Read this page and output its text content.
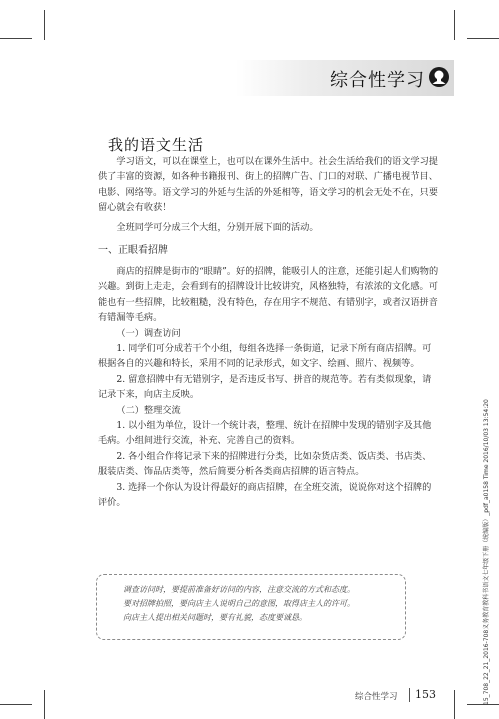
综合性学习
我的语文生活

学习语文，可以在课堂上，也可以在课外生活中。社会生活给我们的语文学习提供了丰富的资源，如各种书籍报刊、街上的招牌广告、门口的对联、广播电视节目、电影、网络等。语文学习的外延与生活的外延相等，语文学习的机会无处不在，只要留心就会有收获！

全班同学可分成三个大组，分别开展下面的活动。

一、正眼看招牌

商店的招牌是街市的“眼睛”。好的招牌，能吸引人的注意，还能引起人们购物的兴趣。到街上走走，会看到有的招牌设计比较讲究，风格独特，有浓浓的文化感。可能也有一些招牌，比较粗糙，没有特色，存在用字不规范、有错别字，或者汉语拼音有错漏等毛病。

（一）调查访问

1. 同学们可分成若干个小组，每组各选择一条街道，记录下所有商店招牌。可根据各自的兴趣和特长，采用不同的记录形式，如文字、绘画、照片、视频等。

2. 留意招牌中有无错别字，是否违反书写、拼音的规范等。若有类似现象，请记录下来，向店主反映。

（二）整理交流

1. 以小组为单位，设计一个统计表，整理、统计在招牌中发现的错别字及其他毛病。小组间进行交流，补充、完善自己的资料。

2. 各小组合作将记录下来的招牌进行分类，比如杂货店类、饭店类、书店类、服装店类、饰品店类等，然后简要分析各类商店招牌的语言特点。

3. 选择一个你认为设计得最好的商店招牌，在全班交流，说说你对这个招牌的评价。

调查访问时，要提前准备好访问的内容，注意交流的方式和态度。

要对招牌拍照，要向店主人说明自己的意图，取得店主人的许可。

向店主人提出相关问题时，要有礼貌，态度要诚恳。

综合性学习 153	15_708_22_21_2016-708义务教育教科书语文七年级下册（统编版）_pdf_a0158 Time 2016/10/03 13:54:20
